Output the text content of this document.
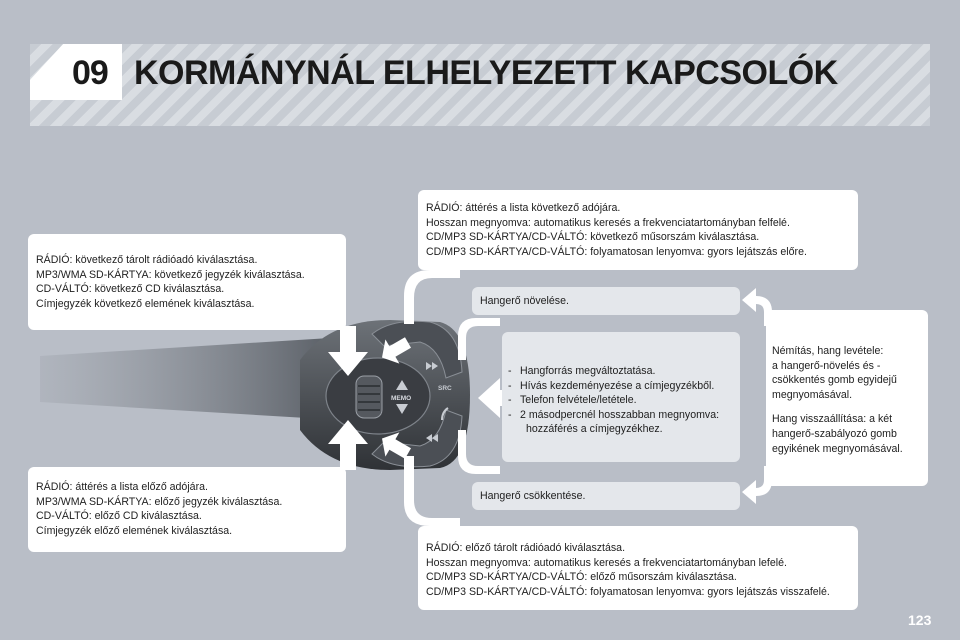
09 KORMÁNYNÁL ELHELYEZETT KAPCSOLÓK
MEMO
SRC
RÁDIÓ: áttérés a lista következő adójára.
Hosszan megnyomva: automatikus keresés a frekvenciatartományban felfelé.
CD/MP3 SD-KÁRTYA/CD-VÁLTÓ: következő műsorszám kiválasztása.
CD/MP3 SD-KÁRTYA/CD-VÁLTÓ: folyamatosan lenyomva: gyors lejátszás előre.
RÁDIÓ: következő tárolt rádióadó kiválasztása.
MP3/WMA SD-KÁRTYA: következő jegyzék kiválasztása.
CD-VÁLTÓ: következő CD kiválasztása.
Címjegyzék következő elemének kiválasztása.
RÁDIÓ: áttérés a lista előző adójára.
MP3/WMA SD-KÁRTYA: előző jegyzék kiválasztása.
CD-VÁLTÓ: előző CD kiválasztása.
Címjegyzék előző elemének kiválasztása.
RÁDIÓ: előző tárolt rádióadó kiválasztása.
Hosszan megnyomva: automatikus keresés a frekvenciatartományban lefelé.
CD/MP3 SD-KÁRTYA/CD-VÁLTÓ: előző műsorszám kiválasztása.
CD/MP3 SD-KÁRTYA/CD-VÁLTÓ: folyamatosan lenyomva: gyors lejátszás visszafelé.
Hangerő növelése.
Hangerő csökkentése.
- Hangforrás megváltoztatása.
- Hívás kezdeményezése a címjegyzékből.
- Telefon felvétele/letétele.
- 2 másodpercnél hosszabban megnyomva:
hozzáférés a címjegyzékhez.
Némítás, hang levétele:
a hangerő-növelés és -
csökkentés gomb egyidejű
megnyomásával.
Hang visszaállítása: a két
hangerő-szabályozó gomb
egyikének megnyomásával.
123
